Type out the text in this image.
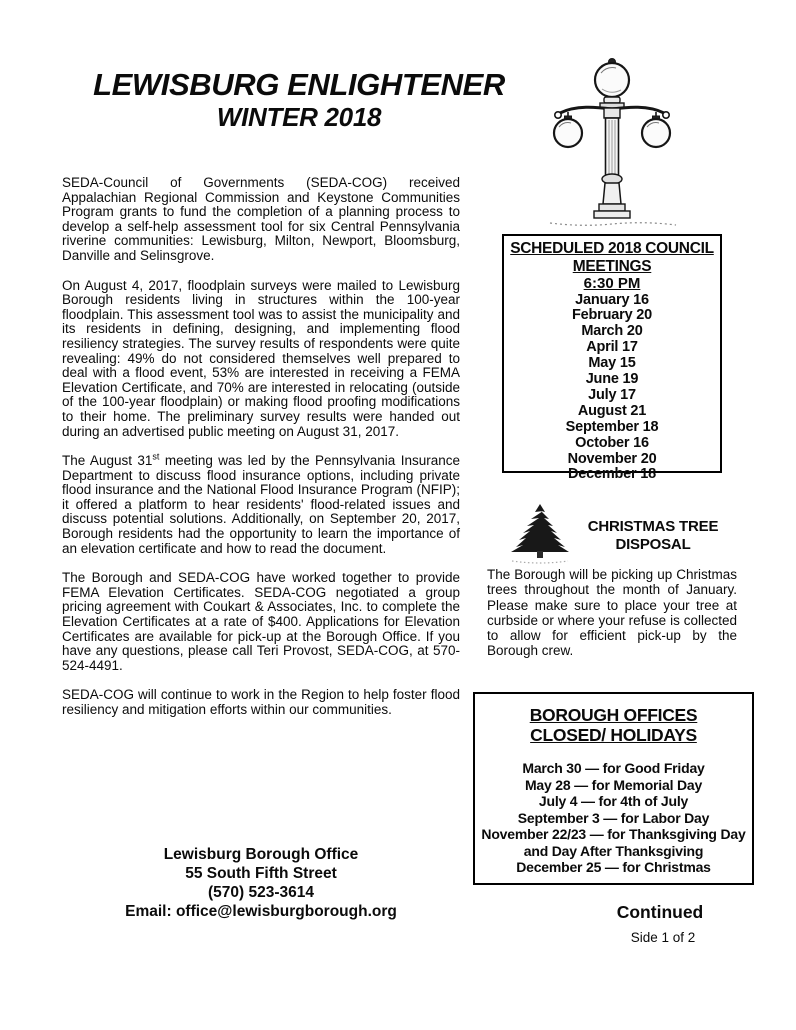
LEWISBURG ENLIGHTENER
WINTER 2018

SEDA-Council of Governments (SEDA-COG) received Appalachian Regional Commission and Keystone Communities Program grants to fund the completion of a planning process to develop a self-help assessment tool for six Central Pennsylvania riverine communities: Lewisburg, Milton, Newport, Bloomsburg, Danville and Selinsgrove.

On August 4, 2017, floodplain surveys were mailed to Lewisburg Borough residents living in structures within the 100-year floodplain. This assessment tool was to assist the municipality and its residents in defining, designing, and implementing flood resiliency strategies. The survey results of respondents were quite revealing: 49% do not considered themselves well prepared to deal with a flood event, 53% are interested in receiving a FEMA Elevation Certificate, and 70% are interested in relocating (outside of the 100-year floodplain) or making flood proofing modifications to their home. The preliminary survey results were handed out during an advertised public meeting on August 31, 2017.

The August 31st meeting was led by the Pennsylvania Insurance Department to discuss flood insurance options, including private flood insurance and the National Flood Insurance Program (NFIP); it offered a platform to hear residents' flood-related issues and discuss potential solutions. Additionally, on September 20, 2017, Borough residents had the opportunity to learn the importance of an elevation certificate and how to read the document.

The Borough and SEDA-COG have worked together to provide FEMA Elevation Certificates. SEDA-COG negotiated a group pricing agreement with Coukart & Associates, Inc. to complete the Elevation Certificates at a rate of $400. Applications for Elevation Certificates are available for pick-up at the Borough Office. If you have any questions, please call Teri Provost, SEDA-COG, at 570-524-4491.

SEDA-COG will continue to work in the Region to help foster flood resiliency and mitigation efforts within our communities.

Lewisburg Borough Office
55 South Fifth Street
(570) 523-3614
Email: office@lewisburgborough.org
SCHEDULED 2018 COUNCIL
MEETINGS
6:30 PM
January 16
February 20
March 20
April 17
May 15
June 19
July 17
August 21
September 18
October 16
November 20
December 18
CHRISTMAS TREE
DISPOSAL
The Borough will be picking up Christmas trees throughout the month of January. Please make sure to place your tree at curbside or where your refuse is collected to allow for efficient pick-up by the Borough crew.
BOROUGH OFFICES
CLOSED/ HOLIDAYS
March 30 — for Good Friday
May 28 — for Memorial Day
July 4 — for 4th of July
September 3 — for Labor Day
November 22/23 — for Thanksgiving Day and Day After Thanksgiving
December 25 — for Christmas
Continued
Side 1 of 2
